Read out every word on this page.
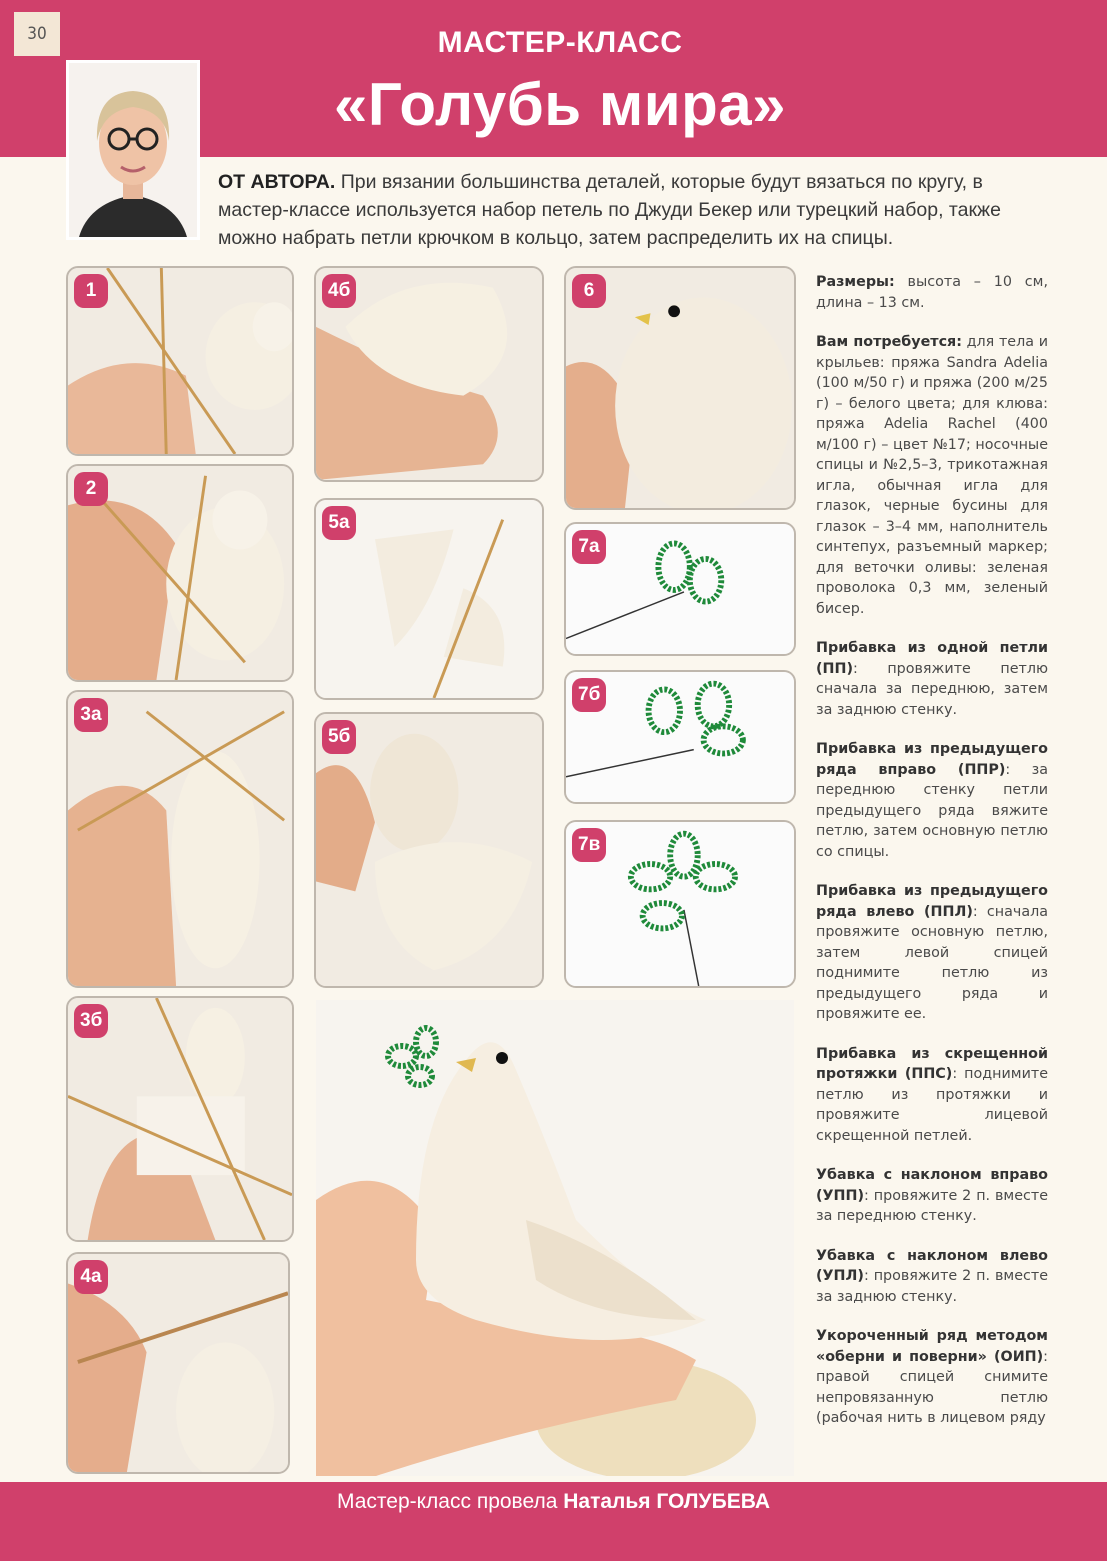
30	МАСТЕР-КЛАСС
«Голубь мира»
ОТ АВТОРА. При вязании большинства деталей, которые будут вязаться по кругу, в мастер-классе используется набор петель по Джуди Бекер или турецкий набор, также можно набрать петли крючком в кольцо, затем распределить их на спицы.
1
2
3а
3б
4а
4б
5а
5б
6
7а
7б
7в

Размеры: высота – 10 см, длина – 13 см.

Вам потребуется: для тела и крыльев: пряжа Sandra Adelia (100 м/50 г) и пряжа (200 м/25 г) – белого цвета; для клюва: пряжа Adelia Rachel (400 м/100 г) – цвет №17; носочные спицы и №2,5–3, трикотажная игла, обычная игла для глазок, черные бусины для глазок – 3–4 мм, наполнитель синтепух, разъемный маркер; для веточки оливы: зеленая проволока 0,3 мм, зеленый бисер.

Прибавка из одной петли (ПП): провяжите петлю сначала за переднюю, затем за заднюю стенку.

Прибавка из предыдущего ряда вправо (ППР): за переднюю стенку петли предыдущего ряда вяжите петлю, затем основную петлю со спицы.

Прибавка из предыдущего ряда влево (ППЛ): сначала провяжите основную петлю, затем левой спицей поднимите петлю из предыдущего ряда и провяжите ее.

Прибавка из скрещенной протяжки (ППС): поднимите петлю из протяжки и провяжите лицевой скрещенной петлей.

Убавка с наклоном вправо (УПП): провяжите 2 п. вместе за переднюю стенку.

Убавка с наклоном влево (УПЛ): провяжите 2 п. вместе за заднюю стенку.

Укороченный ряд методом «оберни и поверни» (ОИП): правой спицей снимите непровязанную петлю (рабочая нить в лицевом ряду

Мастер-класс провела Наталья ГОЛУБЕВА
